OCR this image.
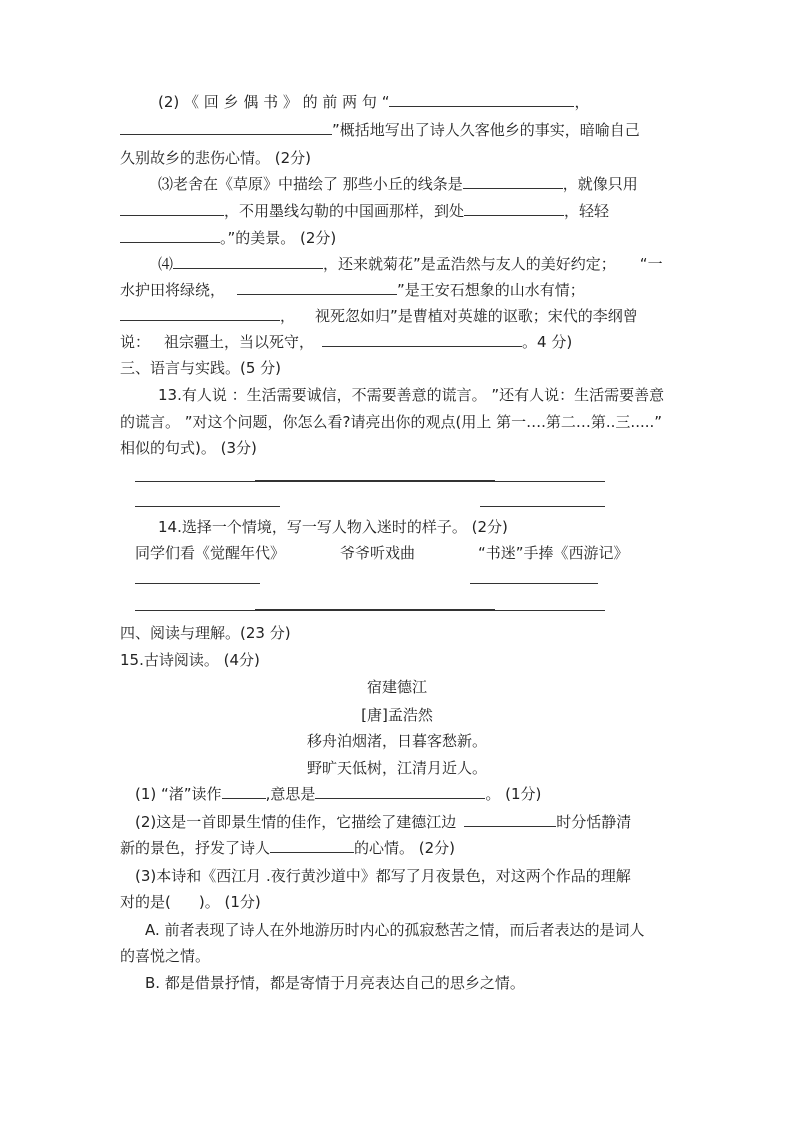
(2) 《 回 乡 偶 书 》 的 前 两 句 “	，
”概括地写出了诗人久客他乡的事实，暗喻自己
久别故乡的悲伤心情。 (2分)
⑶老舍在《草原》中描绘了 那些小丘的线条是	，就像只用
，不用墨线勾勒的中国画那样，到处	，轻轻
。”的美景。 (2分)
⑷	，还来就菊花”是孟浩然与友人的美好约定； “一
水护田将绿绕，	”是王安石想象的山水有情；
， 视死忽如归”是曹植对英雄的讴歌；宋代的李纲曾
说： 祖宗疆土，当以死守，	。4 分)
三、语言与实践。(5 分)
13.有人说 ：生活需要诚信，不需要善意的谎言。 ”还有人说：生活需要善意
的谎言。 ”对这个问题，你怎么看?请亮出你的观点(用上 第一….第二…第..三.....”
相似的句式)。 (3分)
14.选择一个情境，写一写人物入迷时的样子。 (2分)
同学们看《觉醒年代》	爷爷听戏曲	“书迷”手捧《西游记》
四、阅读与理解。(23 分)
15.古诗阅读。 (4分)
宿建德江
[唐]孟浩然
移舟泊烟渚，日暮客愁新。
野旷天低树，江清月近人。
(1) “渚”读作	,意思是	。 (1分)
(2)这是一首即景生情的佳作，它描绘了建德江边	时分恬静清
新的景色，抒发了诗人	的心情。 (2分)
(3)本诗和《西江月 .夜行黄沙道中》都写了月夜景色，对这两个作品的理解
对的是( )。 (1分)
A. 前者表现了诗人在外地游历时内心的孤寂愁苦之情，而后者表达的是词人
的喜悦之情。
B. 都是借景抒情，都是寄情于月亮表达自己的思乡之情。
